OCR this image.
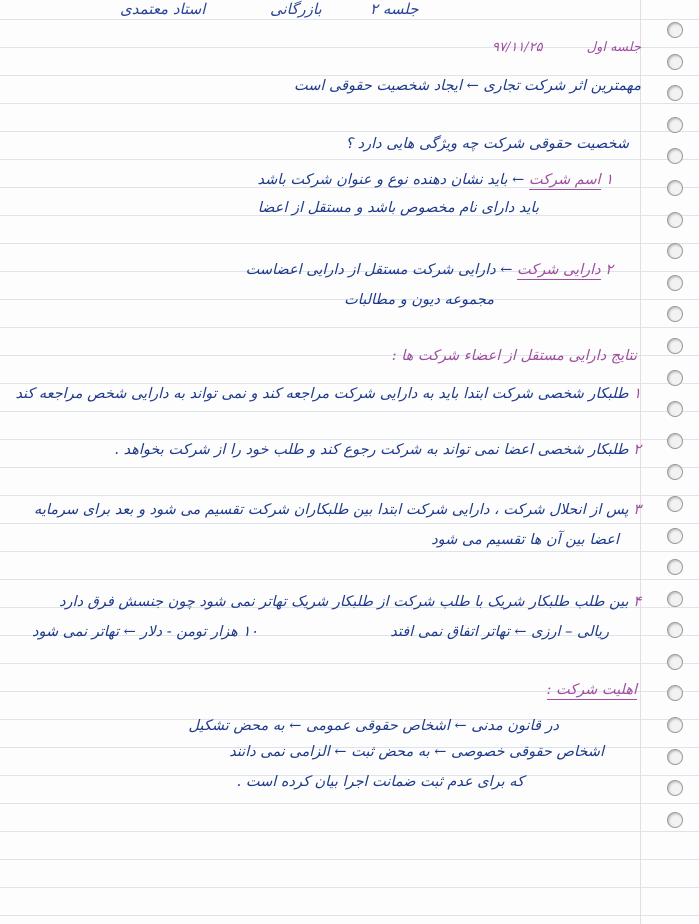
استاد معتمدی	بازرگانی	جلسه ۲
جلسه اول
۹۷/۱۱/۲۵
مهمترین اثر شرکت تجاری ← ایجاد شخصیت حقوقی است
شخصیت حقوقی شرکت چه ویژگی هایی دارد ؟
۱ اسم شرکت ← باید نشان دهنده نوع و عنوان شرکت باشد
باید دارای نام مخصوص باشد و مستقل از اعضا
۲ دارایی شرکت ← دارایی شرکت مستقل از دارایی اعضاست
مجموعه دیون و مطالبات
نتایج دارایی مستقل از اعضاء شرکت ها :
۱ طلبکار شخصی شرکت ابتدا باید به دارایی شرکت مراجعه کند و نمی تواند به دارایی شخص مراجعه کند
۲ طلبکار شخصی اعضا نمی تواند به شرکت رجوع کند و طلب خود را از شرکت بخواهد .
۳ پس از انحلال شرکت ، دارایی شرکت ابتدا بین طلبکاران شرکت تقسیم می شود و بعد برای سرمایه
اعضا بین آن ها تقسیم می شود
۴ بین طلب طلبکار شریک با طلب شرکت از طلبکار شریک تهاتر نمی شود چون جنسش فرق دارد
ریالی – ارزی ← تهاتر اتفاق نمی افتد
۱۰ هزار تومن - دلار ← تهاتر نمی شود
اهلیت شرکت :
در قانون مدنی ← اشخاص حقوقی عمومی ← به محض تشکیل
اشخاص حقوقی خصوصی ← به محض ثبت ← الزامی نمی دانند
که برای عدم ثبت ضمانت اجرا بیان کرده است .
